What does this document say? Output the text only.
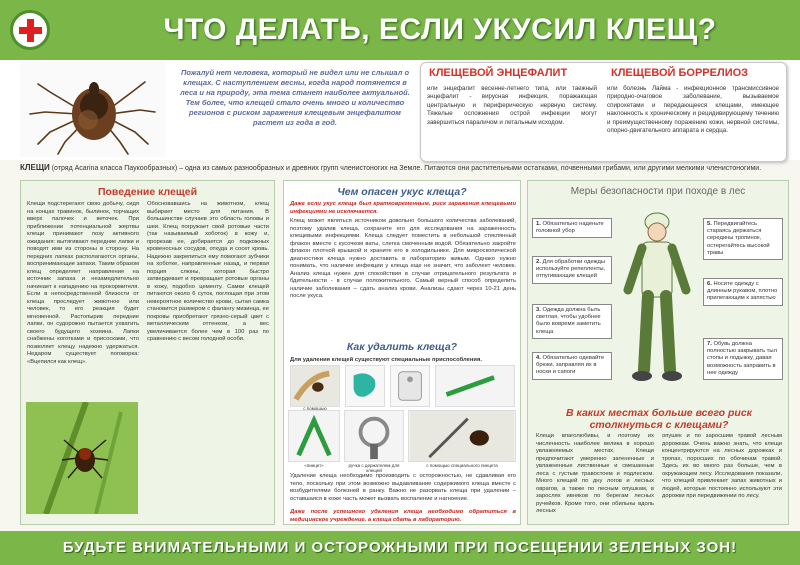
ЧТО ДЕЛАТЬ, ЕСЛИ УКУСИЛ КЛЕЩ?
Пожалуй нет человека, который не видел или не слышал о клещах. С наступлением весны, когда народ потянется в леса и на природу, эта тема станет наиболее актуальной. Тем более, что клещей стало очень много и количество регионов с риском заражения клещевым энцефалитом растет из года в год.
КЛЕЩЕВОЙ ЭНЦЕФАЛИТ	КЛЕЩЕВОЙ БОРРЕЛИОЗ
или энцефалит весенне-летнего типа, или таежный энцефалит - вирусная инфекция, поражающая центральную и периферическую нервную систему. Тяжелые осложнения острой инфекции могут завершиться параличом и летальным исходом.
или болезнь Лайма - инфекционное трансмиссивное природно-очаговое заболевание, вызываемое спирохетами и передающееся клещами, имеющее наклонность к хроническому и рецидивирующему течению и преимущественному поражению кожи, нервной системы, опорно-двигательного аппарата и сердца.
КЛЕЩИ (отряд Acarina класса Паукообразных) – одна из самых разнообразных и древних групп членистоногих на Земле. Питаются они растительными остатками, почвенными грибами, или другими мелкими членистоногими.
Поведение клещей
Клещи подстерегают свою добычу, сидя на концах травинок, былинок, торчащих вверх палочек и веточек. При приближении потенциальной жертвы клещи принимают позу активного ожидания: вытягивают передние лапки и поводят ими из стороны в сторону. На передних лапках располагаются органы, воспринимающие запахи. Таким образом клещ определяет направление на источник запаха и незамедлительно начинает к нападению на прокормителя. Если в непосредственной близости от клеща проследует животное или человек, то его реакция будет мгновенной. Растопырив передние лапки, он судорожно пытается ухватить своего будущего хозяина. Лапки снабжены коготками и присосками, что позволяет клещу надежно удержаться. Недаром существует поговорка: «Вцепился как клещ».
Обосновавшись на животном, клещ выбирает место для питания. В большинстве случаев это область головы и шеи. Клещ погружает свой ротовые части (так называемый хоботок) в кожу и, прорезав ее, добирается до подкожных кровеносных сосудов, откуда и сосет кровь. Надежно закрепиться ему помогают зубчики на хоботке, направленные назад, и первая порция слюны, которая быстро затвердевает и превращает ротовые органы в кожу, подобно цементу. Самки клещей питаются около 6 суток, поглощая при этом невероятное количество крови, сытая самка становится размером с фалангу мизинца, ее покровы приобретают грязно-серый цвет с металлическим оттенком, а вес увеличивается более чем в 100 раз по сравнению с весом голодной особи.
Чем опасен укус клеща?
Даже если укус клеща был кратковременным, риск заражения клещевыми инфекциями не исключается.
Клещ может являться источником довольно большого количества заболеваний, поэтому удалив клеща, сохраните его для исследования на зараженность клещевыми инфекциями. Клеща следует поместить в небольшой стеклянный флакон вместе с кусочком ваты, слегка смоченным водой. Обязательно закройте флакон плотной крышкой и храните его в холодильнике. Для микроскопической диагностики клеща нужно доставить в лабораторию живым. Однако нужно понимать, что наличие инфекции у клеща еще не значит, что заболеет человек. Анализ клеща нужен для спокойствия в случае отрицательного результата и бдительности - в случае положительного. Самый верный способ определить наличие заболевания – сдать анализ крови. Анализы сдают через 10-21 день после укуса.
Как удалить клеща?
Для удаления клещей существуют специальные приспособления.
Удаление клеща необходимо производить с осторожностью, не сдавливая его тело, поскольку при этом возможно выдавливание содержимого клеща вместе с возбудителями болезней в ранку. Важно не разорвать клеща при удалении – оставшаяся в коже часть может вызвать воспаление и нагноение.
Даже после успешного удаления клеща необходимо обратиться в медицинское учреждение, а клеща сдать в лабораторию.
с помощью
«пинцет»	ручка с держателем для клещей
с помощью специального пинцета
Меры безопасности при походе в лес
В каких местах больше всего риск столкнуться с клещами?
Клещи влаголюбивы, и поэтому их численность наиболее велика в хорошо увлажняемых местах. Клещи предпочитают умеренно затененные и увлажненные лиственные и смешанные леса с густым травостоем и подлеском. Много клещей по дну логов и лесных оврагов, а также по лесным опушкам, в зарослях ивняков по берегам лесных ручейков. Кроме того, они обильны вдоль лесных
опушек и по заросшим травой лесным дорожкам. Очень важно знать, что клещи концентрируются на лесных дорожках и тропах, поросших по обочинам травой. Здесь их во много раз больше, чем в окружающем лесу. Исследования показали, что клещей привлекает запах животных и людей, которые постоянно используют эти дорожки при передвижении по лесу.
1. Обязательно наденьте головной убор
2. Для обработки одежды используйте репелленты, отпугивающие клещей
3. Одежда должна быть светлая, чтобы удобнее было вовремя заметить клеща
4. Обязательно одевайте брюки, заправляя их в носки и сапоги
5. Передвигайтесь стараясь держаться середины тропинок, остерегайтесь высокой травы
6. Носите одежду с длинным рукавом, плотно прилегающим к запястью
7. Обувь должна полностью закрывать тыл стопы и лодыжку, давая возможность заправить в нее одежду
БУДЬТЕ ВНИМАТЕЛЬНЫМИ И ОСТОРОЖНЫМИ ПРИ ПОСЕЩЕНИИ ЗЕЛЕНЫХ ЗОН!
